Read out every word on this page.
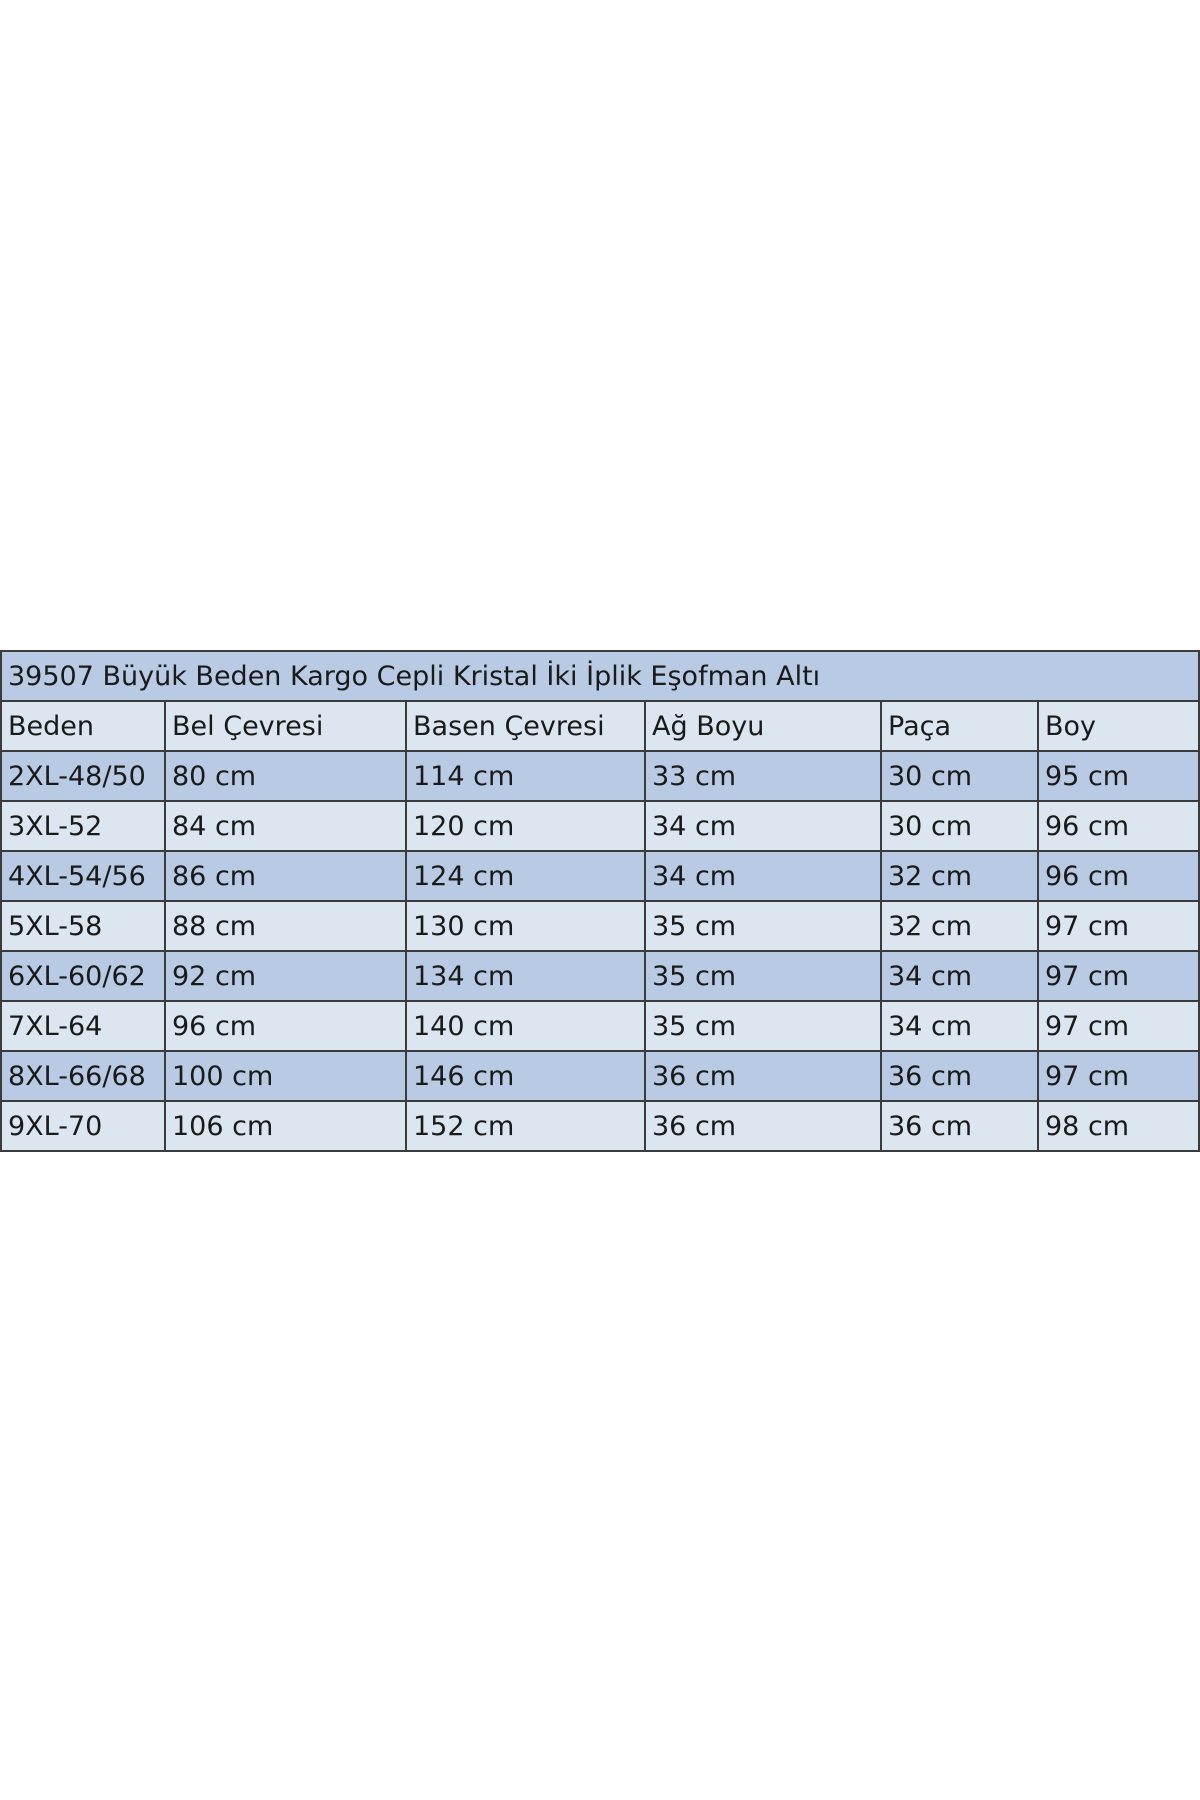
39507 Büyük Beden Kargo Cepli Kristal İki İplik Eşofman Altı					
Beden	Bel Çevresi	Basen Çevresi	Ağ Boyu	Paça	Boy
2XL-48/50	80 cm	114 cm	33 cm	30 cm	95 cm
3XL-52	84 cm	120 cm	34 cm	30 cm	96 cm
4XL-54/56	86 cm	124 cm	34 cm	32 cm	96 cm
5XL-58	88 cm	130 cm	35 cm	32 cm	97 cm
6XL-60/62	92 cm	134 cm	35 cm	34 cm	97 cm
7XL-64	96 cm	140 cm	35 cm	34 cm	97 cm
8XL-66/68	100 cm	146 cm	36 cm	36 cm	97 cm
9XL-70	106 cm	152 cm	36 cm	36 cm	98 cm
